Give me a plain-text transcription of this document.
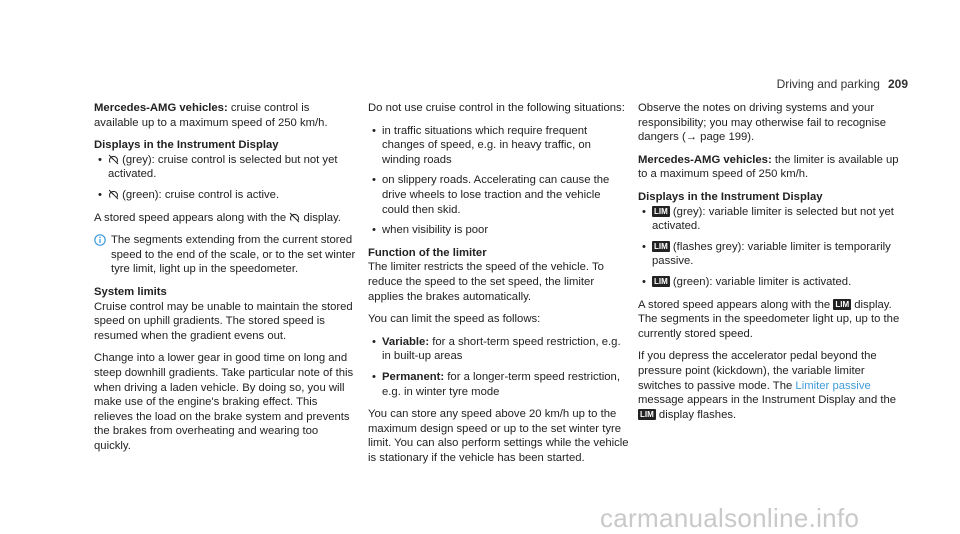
Driving and parking 209

Mercedes-AMG vehicles: cruise control is available up to a maximum speed of 250 km/h.

Displays in the Instrument Display

• (grey): cruise control is selected but not yet activated.
• (green): cruise control is active.

A stored speed appears along with the  display.

The segments extending from the current stored speed to the end of the scale, or to the set winter tyre limit, light up in the speedometer.

System limits

Cruise control may be unable to maintain the stored speed on uphill gradients. The stored speed is resumed when the gradient evens out.

Change into a lower gear in good time on long and steep downhill gradients. Take particular note of this when driving a laden vehicle. By doing so, you will make use of the engine's braking effect. This relieves the load on the brake system and prevents the brakes from overheating and wearing too quickly.

Do not use cruise control in the following situations:

• in traffic situations which require frequent changes of speed, e.g. in heavy traffic, on winding roads
• on slippery roads. Accelerating can cause the drive wheels to lose traction and the vehicle could then skid.
• when visibility is poor

Function of the limiter

The limiter restricts the speed of the vehicle. To reduce the speed to the set speed, the limiter applies the brakes automatically.

You can limit the speed as follows:

• Variable: for a short-term speed restriction, e.g. in built-up areas
• Permanent: for a longer-term speed restriction, e.g. in winter tyre mode

You can store any speed above 20 km/h up to the maximum design speed or up to the set winter tyre limit. You can also perform settings while the vehicle is stationary if the vehicle has been started.

Observe the notes on driving systems and your responsibility; you may otherwise fail to recognise dangers (→ page 199).

Mercedes-AMG vehicles: the limiter is available up to a maximum speed of 250 km/h.

Displays in the Instrument Display

• LIM (grey): variable limiter is selected but not yet activated.
• LIM (flashes grey): variable limiter is temporarily passive.
• LIM (green): variable limiter is activated.

A stored speed appears along with the LIM display. The segments in the speedometer light up, up to the currently stored speed.

If you depress the accelerator pedal beyond the pressure point (kickdown), the variable limiter switches to passive mode. The Limiter passive message appears in the Instrument Display and the LIM display flashes.

carmanualsonline.info
